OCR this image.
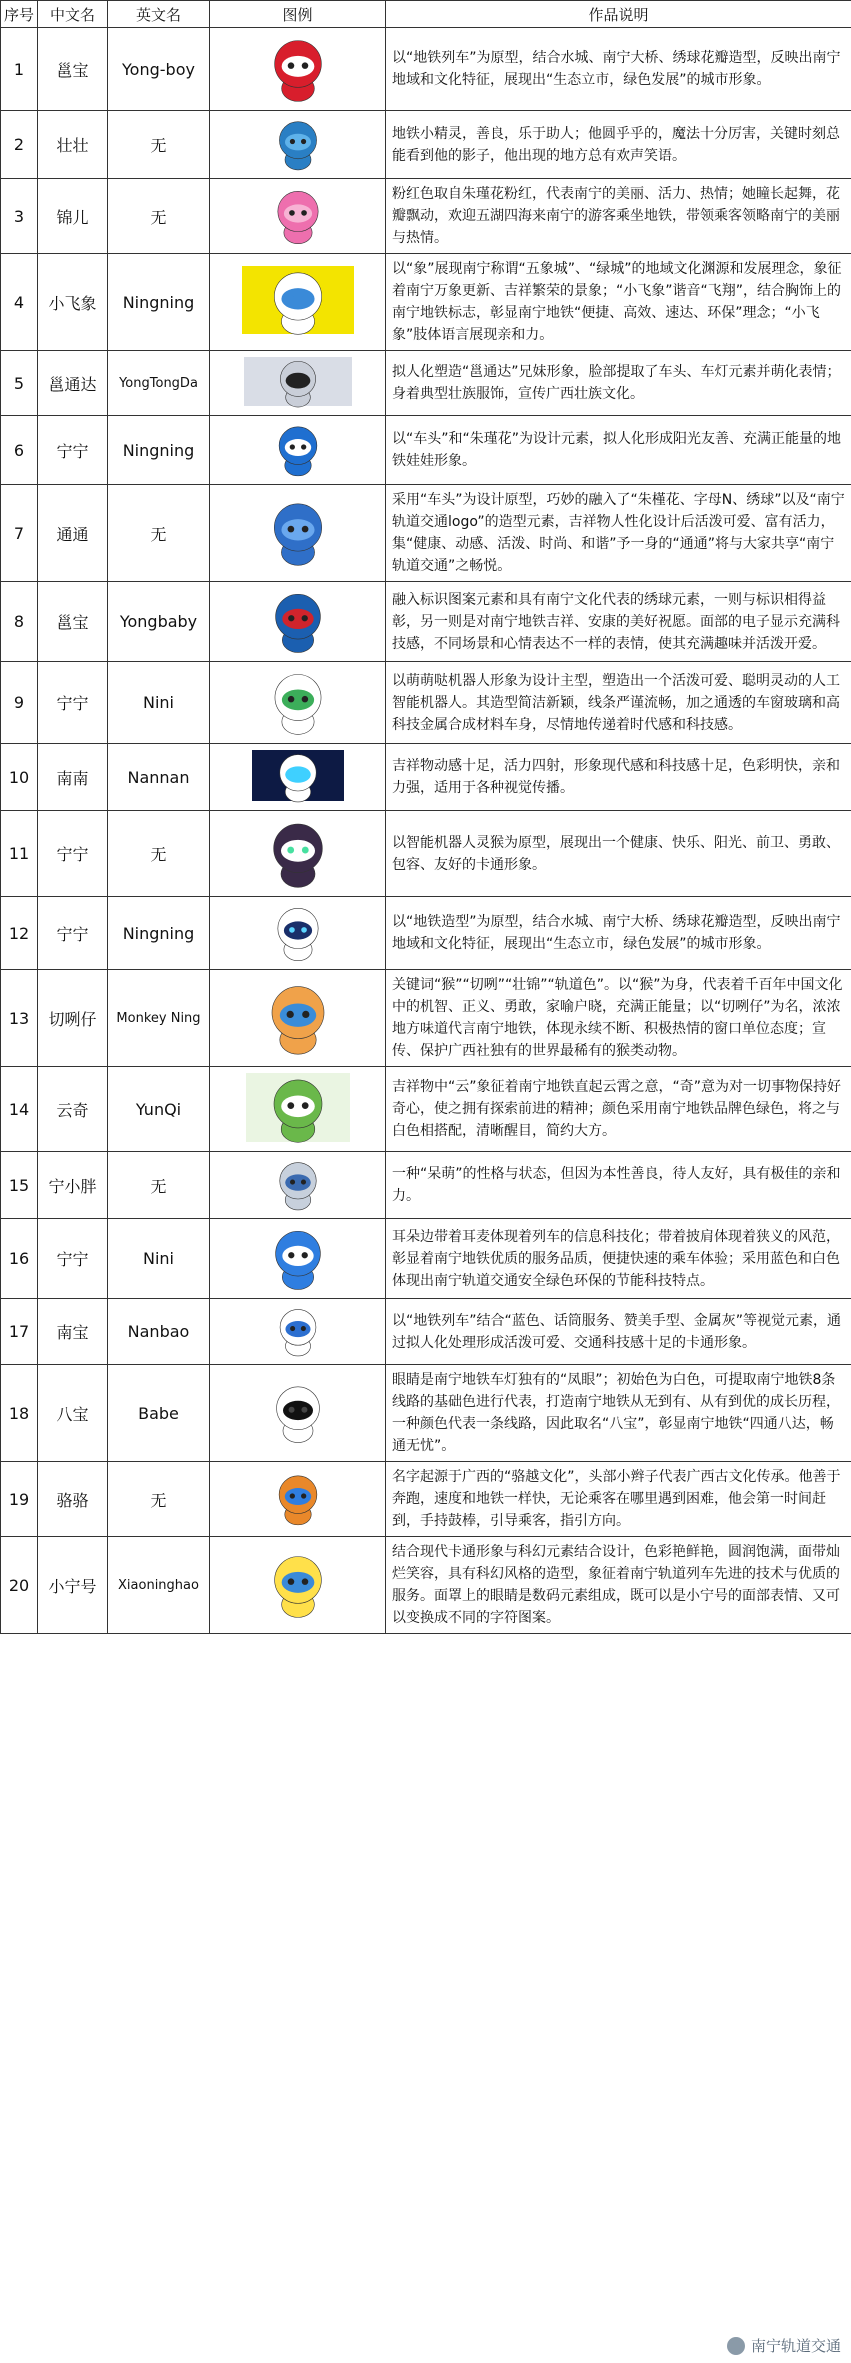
序号	中文名	英文名	图例	作品说明
1	邕宝	Yong-boy		以“地铁列车”为原型，结合水城、南宁大桥、绣球花瓣造型，反映出南宁地域和文化特征，展现出“生态立市，绿色发展”的城市形象。
2	壮壮	无		地铁小精灵，善良，乐于助人；他圆乎乎的，魔法十分厉害，关键时刻总能看到他的影子，他出现的地方总有欢声笑语。
3	锦儿	无		粉红色取自朱瑾花粉红，代表南宁的美丽、活力、热情；她瞳长起舞，花瓣飘动，欢迎五湖四海来南宁的游客乘坐地铁，带领乘客领略南宁的美丽与热情。
4	小飞象	Ningning		以“象”展现南宁称谓“五象城”、“绿城”的地域文化渊源和发展理念，象征着南宁万象更新、吉祥繁荣的景象；“小飞象”谐音“飞翔”，结合胸饰上的南宁地铁标志，彰显南宁地铁“便捷、高效、速达、环保”理念；“小飞象”肢体语言展现亲和力。
5	邕通达	YongTongDa		拟人化塑造“邕通达”兄妹形象，脸部提取了车头、车灯元素并萌化表情；身着典型壮族服饰，宣传广西壮族文化。
6	宁宁	Ningning		以“车头”和“朱瑾花”为设计元素，拟人化形成阳光友善、充满正能量的地铁娃娃形象。
7	通通	无		采用“车头”为设计原型，巧妙的融入了“朱槿花、字母N、绣球”以及“南宁轨道交通logo”的造型元素，吉祥物人性化设计后活泼可爱、富有活力，集“健康、动感、活泼、时尚、和谐”予一身的“通通”将与大家共享“南宁轨道交通”之畅悦。
8	邕宝	Yongbaby		融入标识图案元素和具有南宁文化代表的绣球元素，一则与标识相得益彰，另一则是对南宁地铁吉祥、安康的美好祝愿。面部的电子显示充满科技感，不同场景和心情表达不一样的表情，使其充满趣味并活泼开爱。
9	宁宁	Nini		以萌萌哒机器人形象为设计主型，塑造出一个活泼可爱、聪明灵动的人工智能机器人。其造型简洁新颖，线条严谨流畅，加之通透的车窗玻璃和高科技金属合成材料车身，尽情地传递着时代感和科技感。
10	南南	Nannan		吉祥物动感十足，活力四射，形象现代感和科技感十足，色彩明快，亲和力强，适用于各种视觉传播。
11	宁宁	无		以智能机器人灵猴为原型，展现出一个健康、快乐、阳光、前卫、勇敢、包容、友好的卡通形象。
12	宁宁	Ningning		以“地铁造型”为原型，结合水城、南宁大桥、绣球花瓣造型，反映出南宁地域和文化特征，展现出“生态立市，绿色发展”的城市形象。
13	切咧仔	Monkey Ning		关键词“猴”“切咧”“壮锦”“轨道色”。以“猴”为身，代表着千百年中国文化中的机智、正义、勇敢，家喻户晓，充满正能量；以“切咧仔”为名，浓浓地方味道代言南宁地铁，体现永续不断、积极热情的窗口单位态度；宣传、保护广西社独有的世界最稀有的猴类动物。
14	云奇	YunQi		吉祥物中“云”象征着南宁地铁直起云霄之意，“奇”意为对一切事物保持好奇心，使之拥有探索前进的精神；颜色采用南宁地铁品牌色绿色，将之与白色相搭配，清晰醒目，简约大方。
15	宁小胖	无		一种“呆萌”的性格与状态，但因为本性善良，待人友好，具有极佳的亲和力。
16	宁宁	Nini		耳朵边带着耳麦体现着列车的信息科技化；带着披肩体现着狭义的风范，彰显着南宁地铁优质的服务品质，便捷快速的乘车体验；采用蓝色和白色体现出南宁轨道交通安全绿色环保的节能科技特点。
17	南宝	Nanbao		以“地铁列车”结合“蓝色、话筒服务、赞美手型、金属灰”等视觉元素，通过拟人化处理形成活泼可爱、交通科技感十足的卡通形象。
18	八宝	Babe		眼睛是南宁地铁车灯独有的“凤眼”；初始色为白色，可提取南宁地铁8条线路的基础色进行代表，打造南宁地铁从无到有、从有到优的成长历程，一种颜色代表一条线路，因此取名“八宝”，彰显南宁地铁“四通八达，畅通无忧”。
19	骆骆	无		名字起源于广西的“骆越文化”，头部小辫子代表广西古文化传承。他善于奔跑，速度和地铁一样快，无论乘客在哪里遇到困难，他会第一时间赶到，手持鼓棒，引导乘客，指引方向。
20	小宁号	Xiaoninghao		结合现代卡通形象与科幻元素结合设计，色彩艳鲜艳，圆润饱满，面带灿烂笑容，具有科幻风格的造型，象征着南宁轨道列车先进的技术与优质的服务。面罩上的眼睛是数码元素组成，既可以是小宁号的面部表情、又可以变换成不同的字符图案。
南宁轨道交通
